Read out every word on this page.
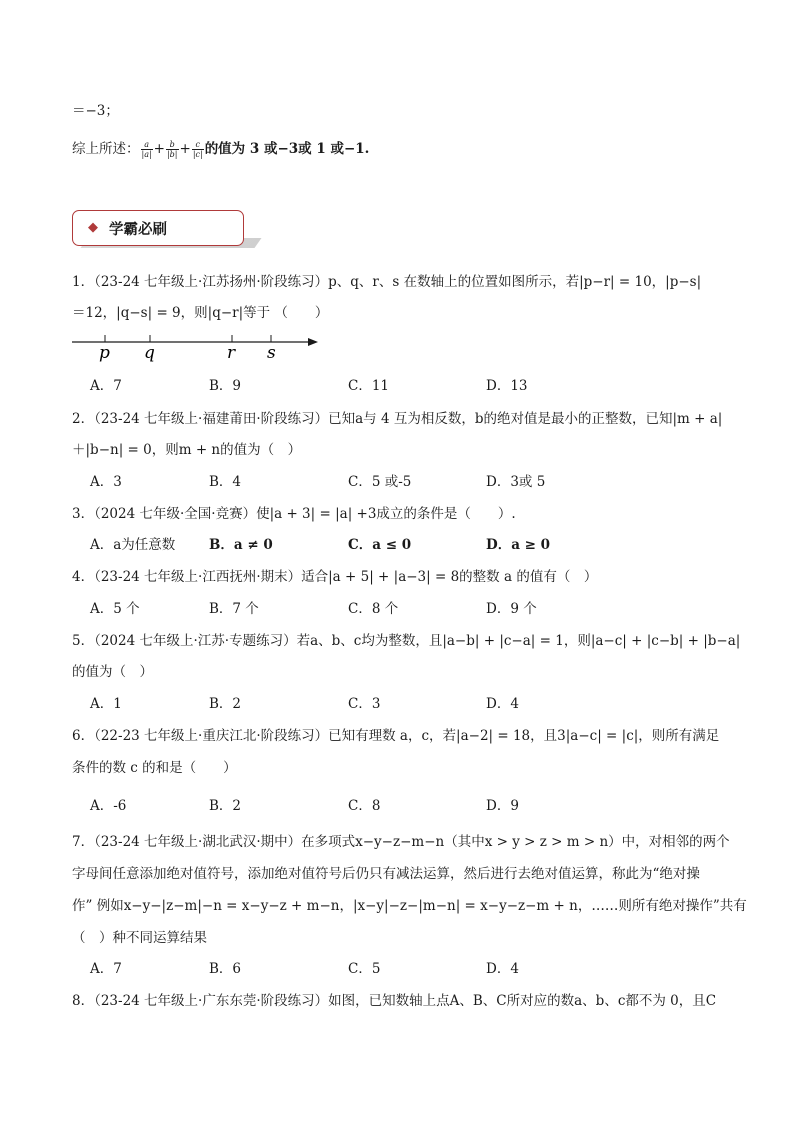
＝−3；
综上所述： $\frac{a}{|a|} + \frac{b}{|b|} + \frac{c}{|c|}$ 的值为 3 或−3或 1 或−1.
◆ 学霸必刷
1．（23-24 七年级上·江苏扬州·阶段练习）p、q、r、s 在数轴上的位置如图所示，若|p−r| = 10，|p−s|
＝12，|q−s| = 9，则|q−r|等于 （　　）
p q	r s
A．7	B．9	C．11	D．13
2．（23-24 七年级上·福建莆田·阶段练习）已知a与 4 互为相反数，b的绝对值是最小的正整数，已知|m + a|
＋|b−n| = 0，则m + n的值为（　）
A．3	B．4	C．5 或-5	D．3或 5
3．（2024 七年级·全国·竞赛）使|a + 3| = |a| +3成立的条件是（　　）.
A．a为任意数 B．a ≠ 0	C．a ≤ 0	D．a ≥ 0
4．（23-24 七年级上·江西抚州·期末）适合|a + 5| + |a−3| = 8的整数 a 的值有（　）
A．5 个	B．7 个	C．8 个	D．9 个
5．（2024 七年级上·江苏·专题练习）若a、b、c均为整数，且|a−b| + |c−a| = 1，则|a−c| + |c−b| + |b−a|
的值为（　）
A．1	B．2	C．3	D．4
6．（22-23 七年级上·重庆江北·阶段练习）已知有理数 a，c，若|a−2| = 18，且3|a−c| = |c|，则所有满足
条件的数 c 的和是（　　）
A．-6	B．2	C．8	D．9
7．（23-24 七年级上·湖北武汉·期中）在多项式x−y−z−m−n（其中x > y > z > m > n）中，对相邻的两个
字母间任意添加绝对值符号，添加绝对值符号后仍只有减法运算，然后进行去绝对值运算，称此为“绝对操
作” 例如x−y−|z−m|−n = x−y−z + m−n，|x−y|−z−|m−n| = x−y−z−m + n，……则所有绝对操作”共有
（　）种不同运算结果
A．7	B．6	C．5	D．4
8．（23-24 七年级上·广东东莞·阶段练习）如图，已知数轴上点A、B、C所对应的数a、b、c都不为 0，且C
